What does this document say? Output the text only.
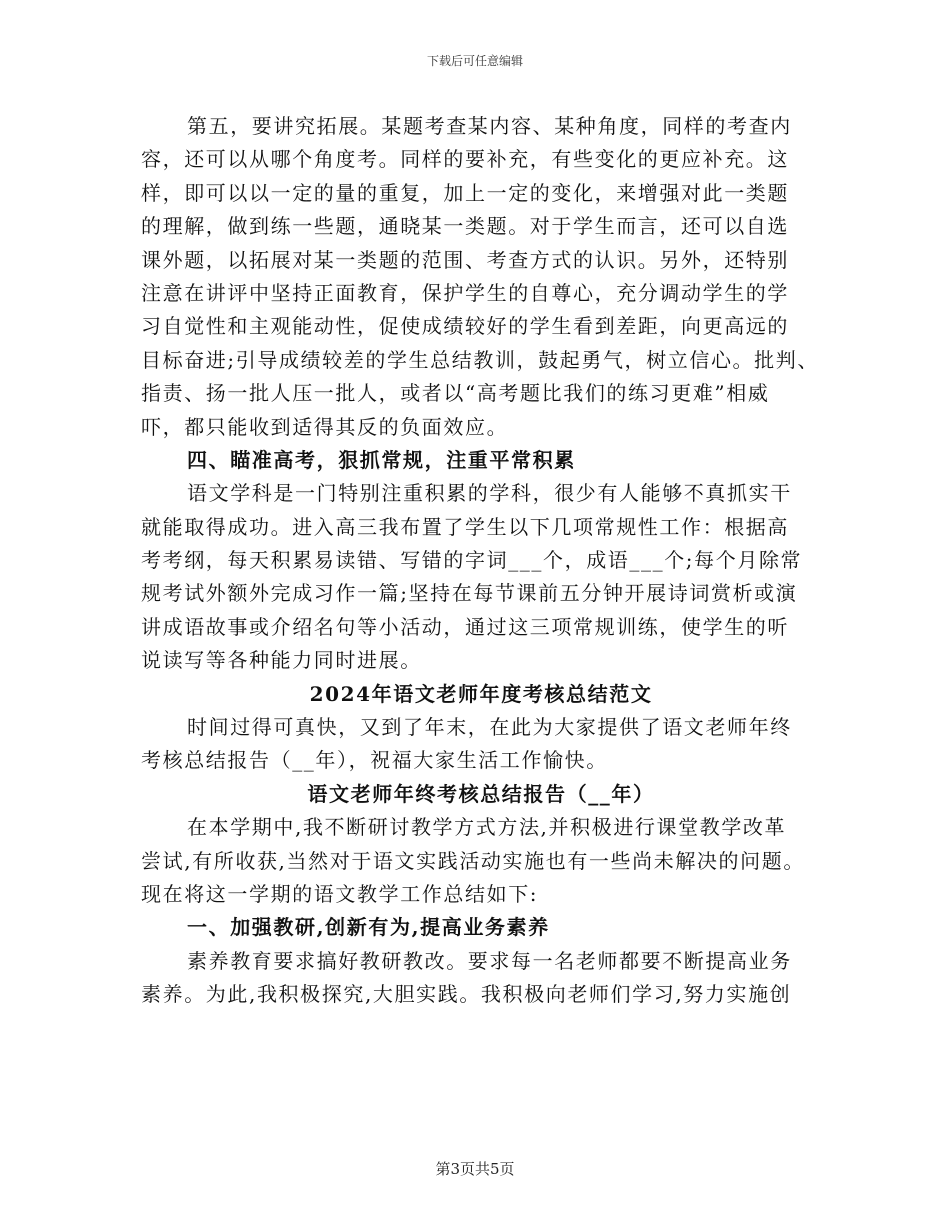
下载后可任意编辑
第五，要讲究拓展。某题考查某内容、某种角度，同样的考查内
容，还可以从哪个角度考。同样的要补充，有些变化的更应补充。这
样，即可以以一定的量的重复，加上一定的变化，来增强对此一类题
的理解，做到练一些题，通晓某一类题。对于学生而言，还可以自选
课外题，以拓展对某一类题的范围、考查方式的认识。另外，还特别
注意在讲评中坚持正面教育，保护学生的自尊心，充分调动学生的学
习自觉性和主观能动性，促使成绩较好的学生看到差距，向更高远的
目标奋进;引导成绩较差的学生总结教训，鼓起勇气，树立信心。批判、
指责、扬一批人压一批人，或者以“高考题比我们的练习更难”相威
吓，都只能收到适得其反的负面效应。
四、瞄准高考，狠抓常规，注重平常积累
语文学科是一门特别注重积累的学科，很少有人能够不真抓实干
就能取得成功。进入高三我布置了学生以下几项常规性工作：根据高
考考纲，每天积累易读错、写错的字词___个，成语___个;每个月除常
规考试外额外完成习作一篇;坚持在每节课前五分钟开展诗词赏析或演
讲成语故事或介绍名句等小活动，通过这三项常规训练，使学生的听
说读写等各种能力同时进展。
2024年语文老师年度考核总结范文
时间过得可真快，又到了年末，在此为大家提供了语文老师年终
考核总结报告（__年），祝福大家生活工作愉快。
语文老师年终考核总结报告（__年）
在本学期中,我不断研讨教学方式方法,并积极进行课堂教学改革
尝试,有所收获,当然对于语文实践活动实施也有一些尚未解决的问题。
现在将这一学期的语文教学工作总结如下:
一、加强教研,创新有为,提高业务素养
素养教育要求搞好教研教改。要求每一名老师都要不断提高业务
素养。为此,我积极探究,大胆实践。我积极向老师们学习,努力实施创
第3页共5页
